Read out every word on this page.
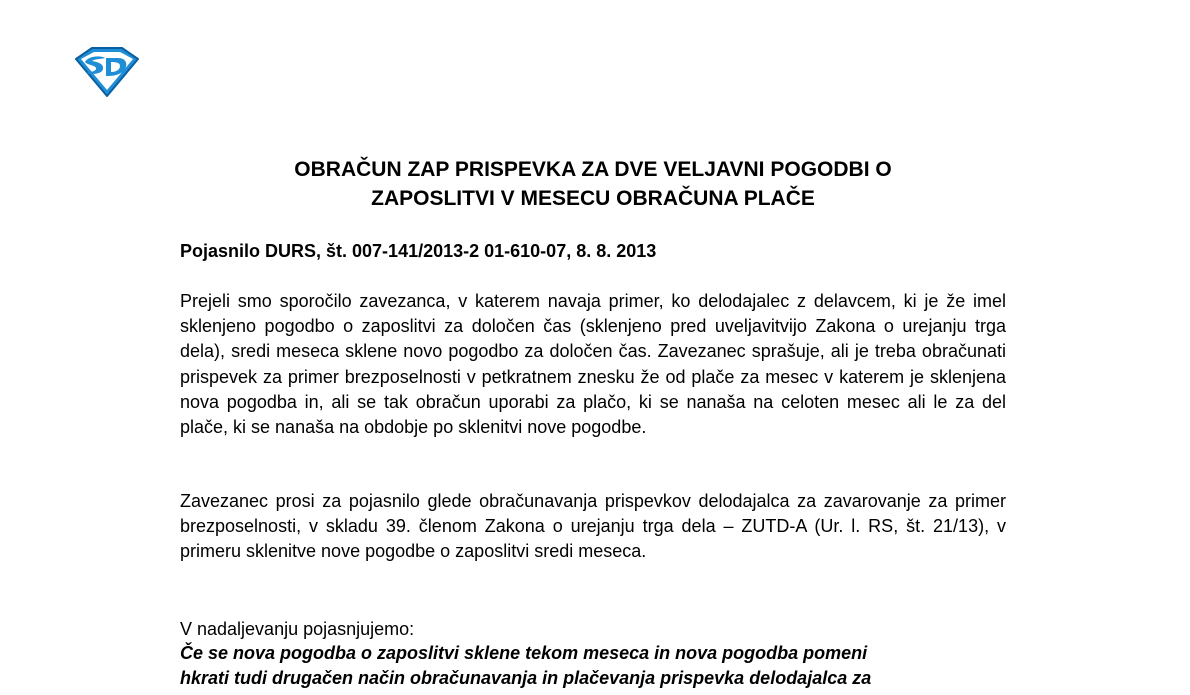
OBRAČUN ZAP PRISPEVKA ZA DVE VELJAVNI POGODBI O
ZAPOSLITVI V MESECU OBRAČUNA PLAČE
Pojasnilo DURS, št. 007-141/2013-2 01-610-07, 8. 8. 2013

Prejeli smo sporočilo zavezanca, v katerem navaja primer, ko delodajalec z delavcem, ki je že imel sklenjeno pogodbo o zaposlitvi za določen čas (sklenjeno pred uveljavitvijo Zakona o urejanju trga dela), sredi meseca sklene novo pogodbo za določen čas. Zavezanec sprašuje, ali je treba obračunati prispevek za primer brezposelnosti v petkratnem znesku že od plače za mesec v katerem je sklenjena nova pogodba in, ali se tak obračun uporabi za plačo, ki se nanaša na celoten mesec ali le za del plače, ki se nanaša na obdobje po sklenitvi nove pogodbe.

Zavezanec prosi za pojasnilo glede obračunavanja prispevkov delodajalca za zavarovanje za primer brezposelnosti, v skladu 39. členom Zakona o urejanju trga dela – ZUTD-A (Ur. l. RS, št. 21/13), v primeru sklenitve nove pogodbe o zaposlitvi sredi meseca.

V nadaljevanju pojasnjujemo:

Če se nova pogodba o zaposlitvi sklene tekom meseca in nova pogodba pomeni
hkrati tudi drugačen način obračunavanja in plačevanja prispevka delodajalca za
